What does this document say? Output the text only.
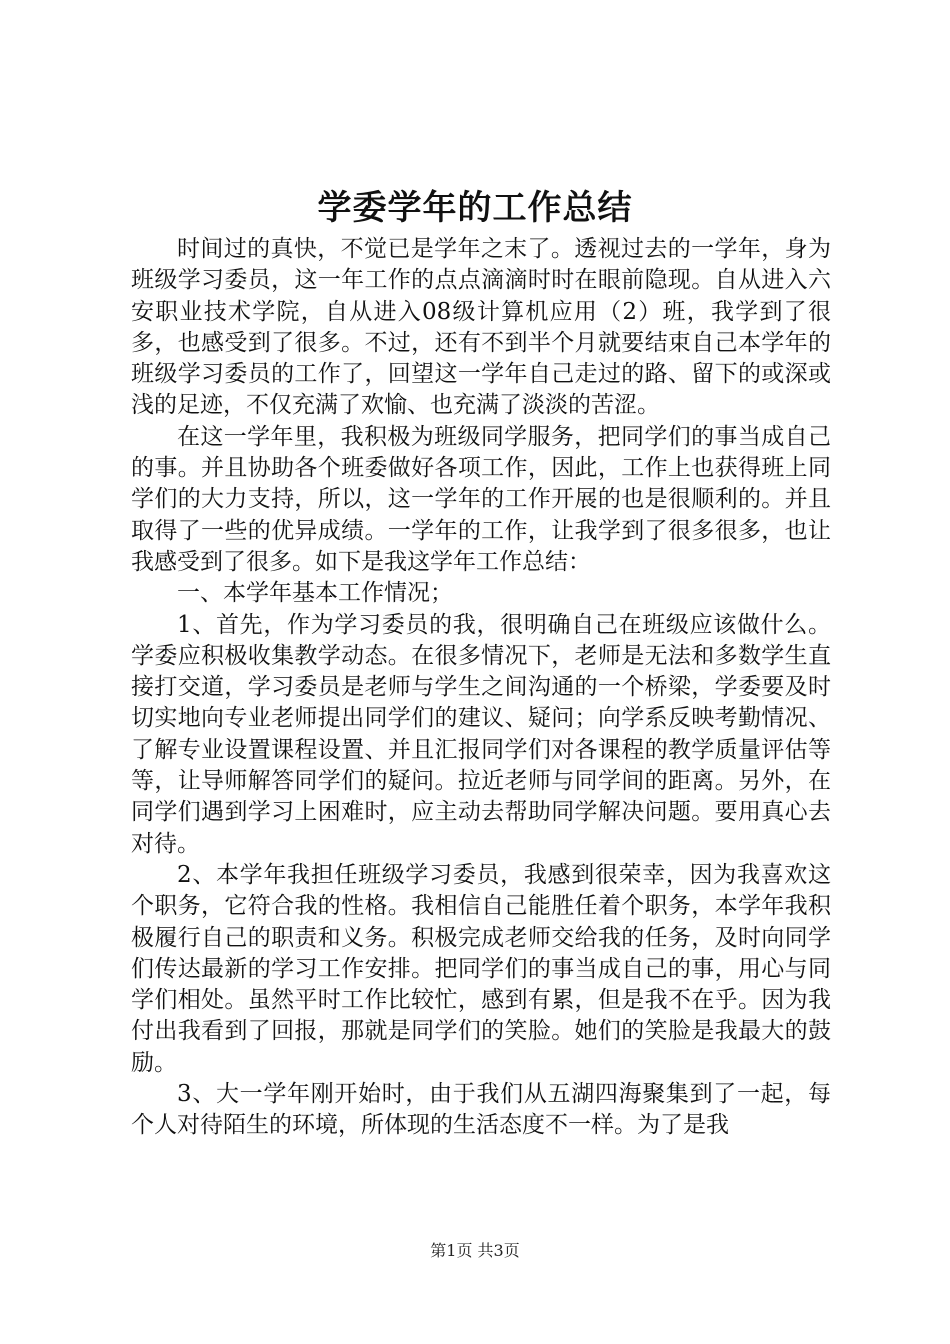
学委学年的工作总结

时间过的真快，不觉已是学年之末了。透视过去的一学年，身为班级学习委员，这一年工作的点点滴滴时时在眼前隐现。自从进入六安职业技术学院，自从进入08级计算机应用（2）班，我学到了很多，也感受到了很多。不过，还有不到半个月就要结束自己本学年的班级学习委员的工作了，回望这一学年自己走过的路、留下的或深或浅的足迹，不仅充满了欢愉、也充满了淡淡的苦涩。

在这一学年里，我积极为班级同学服务，把同学们的事当成自己的事。并且协助各个班委做好各项工作，因此，工作上也获得班上同学们的大力支持，所以，这一学年的工作开展的也是很顺利的。并且取得了一些的优异成绩。一学年的工作，让我学到了很多很多，也让我感受到了很多。如下是我这学年工作总结：

一、本学年基本工作情况；

1、首先，作为学习委员的我，很明确自己在班级应该做什么。学委应积极收集教学动态。在很多情况下，老师是无法和多数学生直接打交道，学习委员是老师与学生之间沟通的一个桥梁，学委要及时切实地向专业老师提出同学们的建议、疑问；向学系反映考勤情况、了解专业设置课程设置、并且汇报同学们对各课程的教学质量评估等等，让导师解答同学们的疑问。拉近老师与同学间的距离。另外，在同学们遇到学习上困难时，应主动去帮助同学解决问题。要用真心去对待。

2、本学年我担任班级学习委员，我感到很荣幸，因为我喜欢这个职务，它符合我的性格。我相信自己能胜任着个职务，本学年我积极履行自己的职责和义务。积极完成老师交给我的任务，及时向同学们传达最新的学习工作安排。把同学们的事当成自己的事，用心与同学们相处。虽然平时工作比较忙，感到有累，但是我不在乎。因为我付出我看到了回报，那就是同学们的笑脸。她们的笑脸是我最大的鼓励。

3、大一学年刚开始时，由于我们从五湖四海聚集到了一起，每个人对待陌生的环境，所体现的生活态度不一样。为了是我

第1页 共3页
